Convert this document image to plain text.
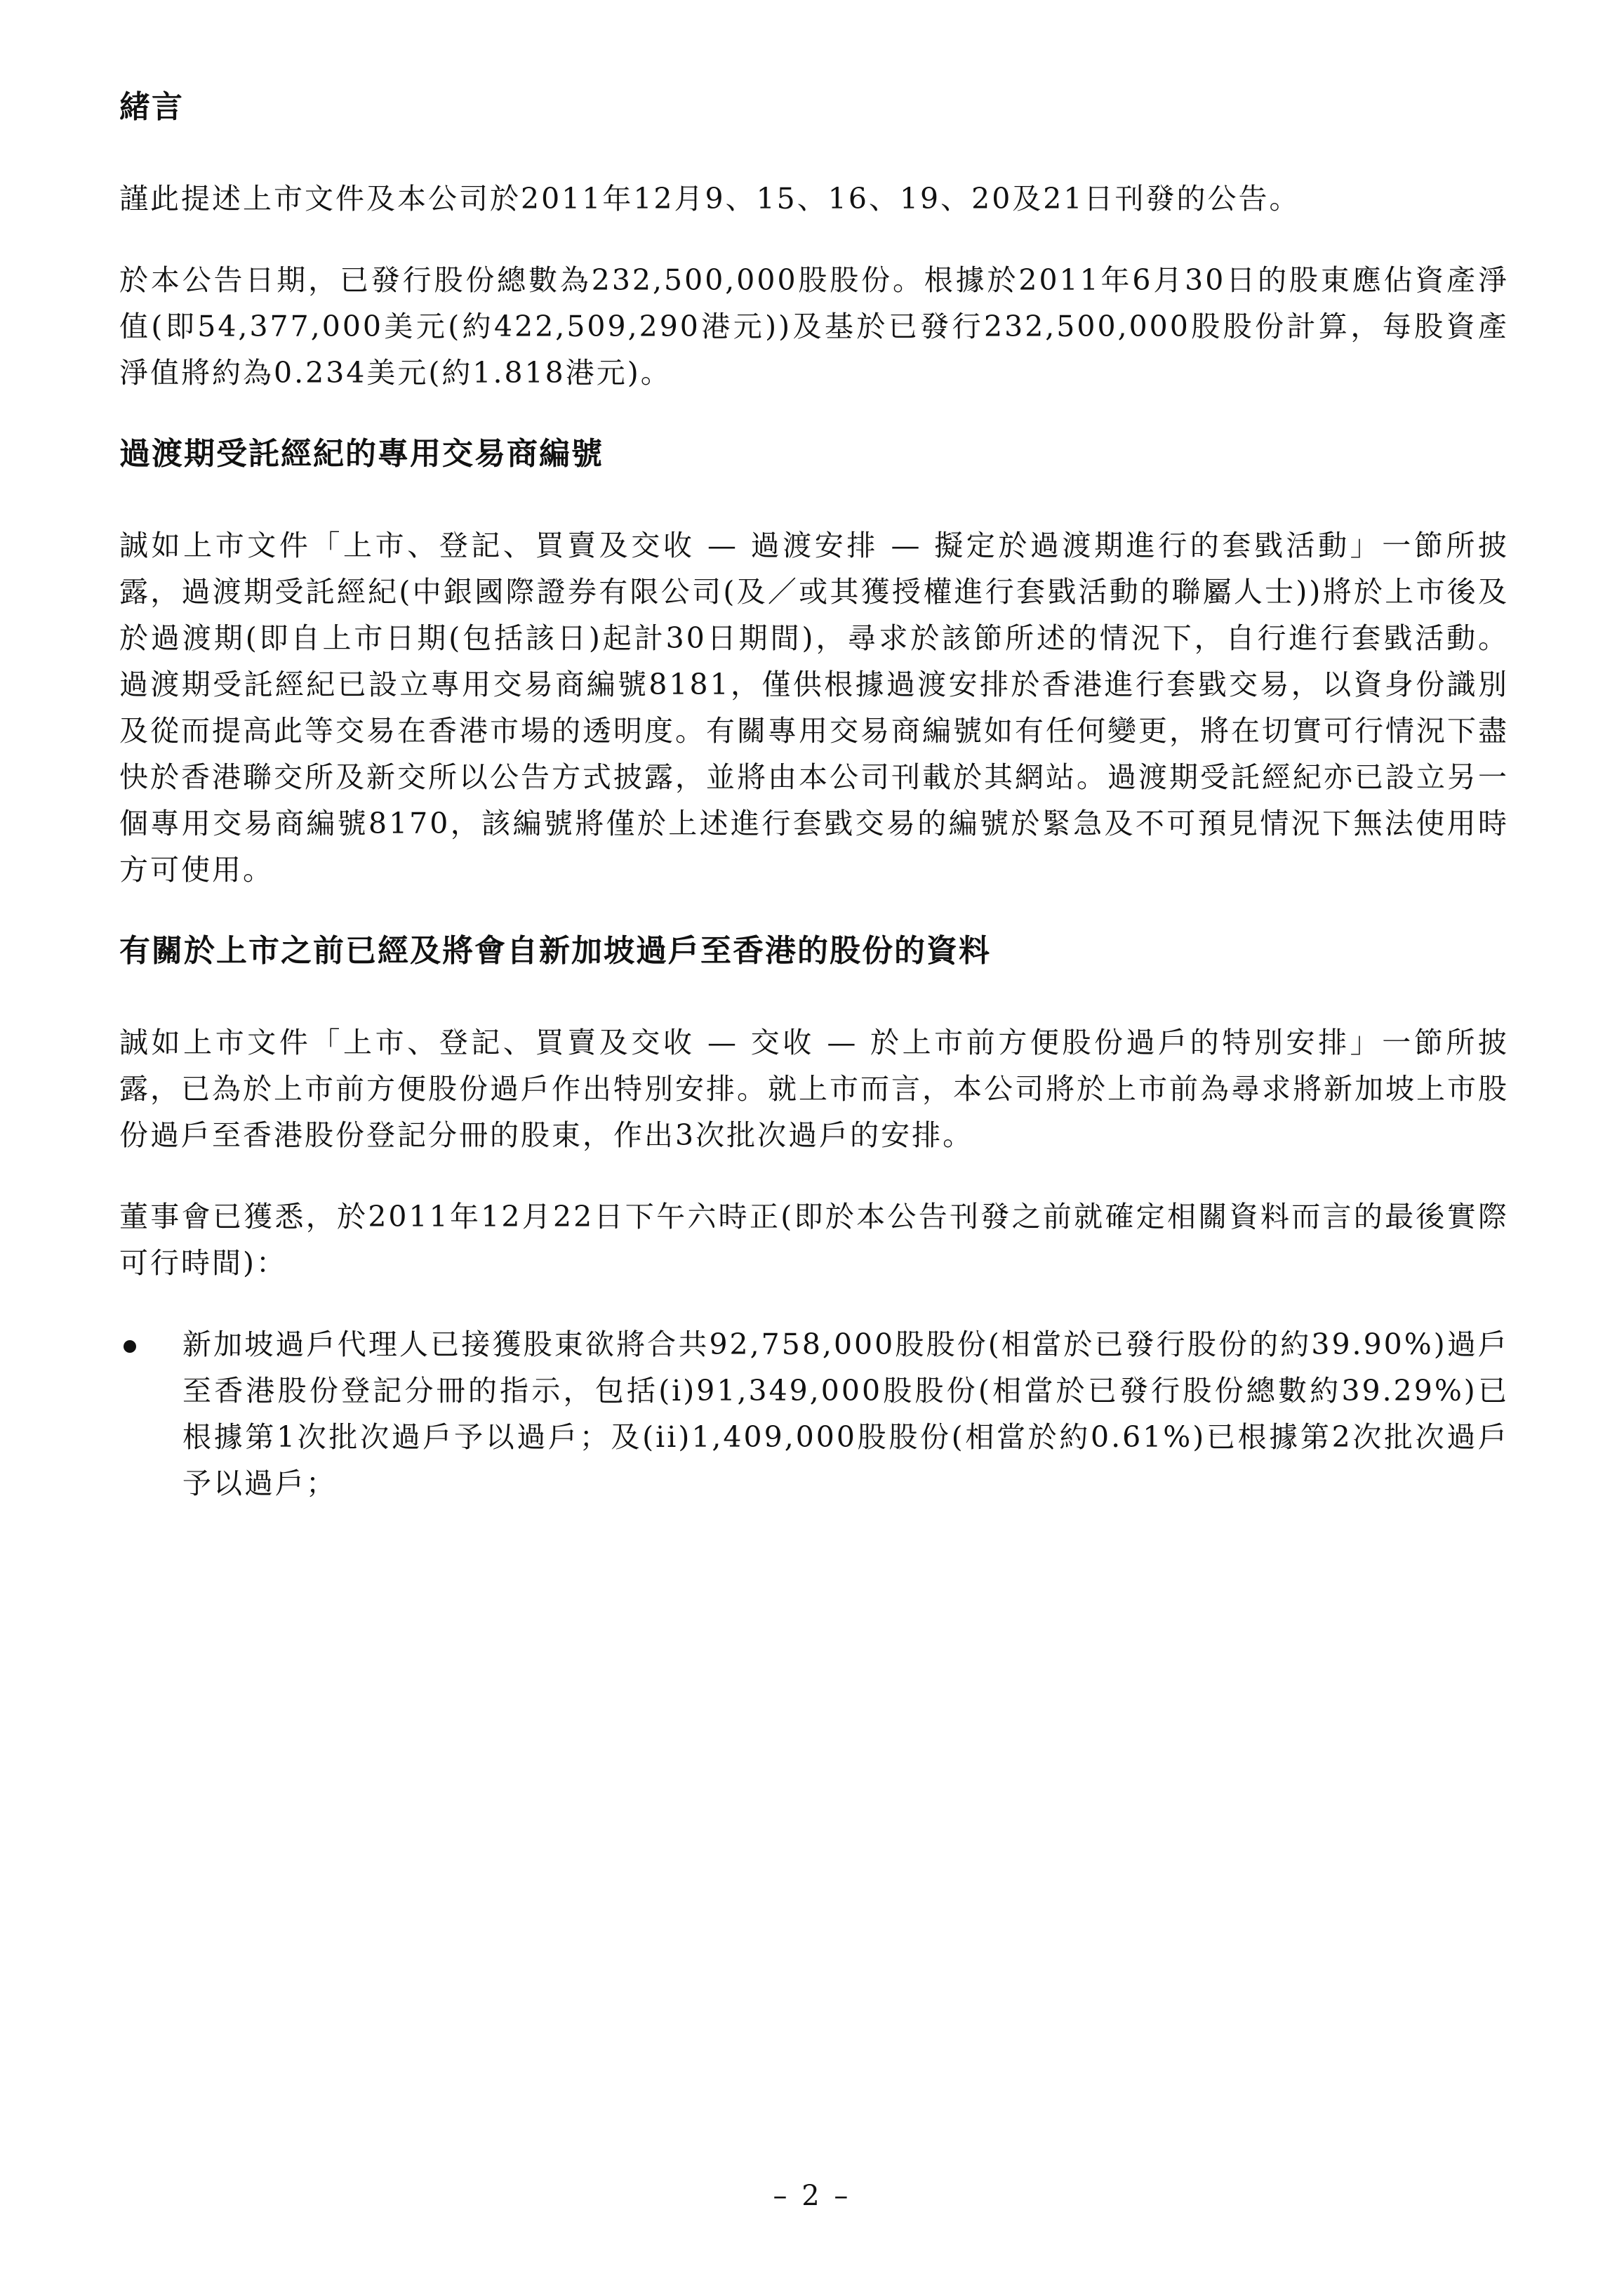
緒言

謹此提述上市文件及本公司於2011年12月9、15、16、19、20及21日刊發的公告。

於本公告日期，已發行股份總數為232,500,000股股份。根據於2011年6月30日的股東應佔資產淨值(即54,377,000美元(約422,509,290港元))及基於已發行232,500,000股股份計算，每股資產淨值將約為0.234美元(約1.818港元)。

過渡期受託經紀的專用交易商編號

誠如上市文件「上市、登記、買賣及交收 — 過渡安排 — 擬定於過渡期進行的套戥活動」一節所披露，過渡期受託經紀(中銀國際證券有限公司(及／或其獲授權進行套戥活動的聯屬人士))將於上市後及於過渡期(即自上市日期(包括該日)起計30日期間)，尋求於該節所述的情況下，自行進行套戥活動。過渡期受託經紀已設立專用交易商編號8181，僅供根據過渡安排於香港進行套戥交易，以資身份識別及從而提高此等交易在香港市場的透明度。有關專用交易商編號如有任何變更，將在切實可行情況下盡快於香港聯交所及新交所以公告方式披露，並將由本公司刊載於其網站。過渡期受託經紀亦已設立另一個專用交易商編號8170，該編號將僅於上述進行套戥交易的編號於緊急及不可預見情況下無法使用時方可使用。

有關於上市之前已經及將會自新加坡過戶至香港的股份的資料

誠如上市文件「上市、登記、買賣及交收 — 交收 — 於上市前方便股份過戶的特別安排」一節所披露，已為於上市前方便股份過戶作出特別安排。就上市而言，本公司將於上市前為尋求將新加坡上市股份過戶至香港股份登記分冊的股東，作出3次批次過戶的安排。

董事會已獲悉，於2011年12月22日下午六時正(即於本公告刊發之前就確定相關資料而言的最後實際可行時間)：

新加坡過戶代理人已接獲股東欲將合共92,758,000股股份(相當於已發行股份的約39.90%)過戶至香港股份登記分冊的指示，包括(i)91,349,000股股份(相當於已發行股份總數約39.29%)已根據第1次批次過戶予以過戶；及(ii)1,409,000股股份(相當於約0.61%)已根據第2次批次過戶予以過戶；
– 2 –
